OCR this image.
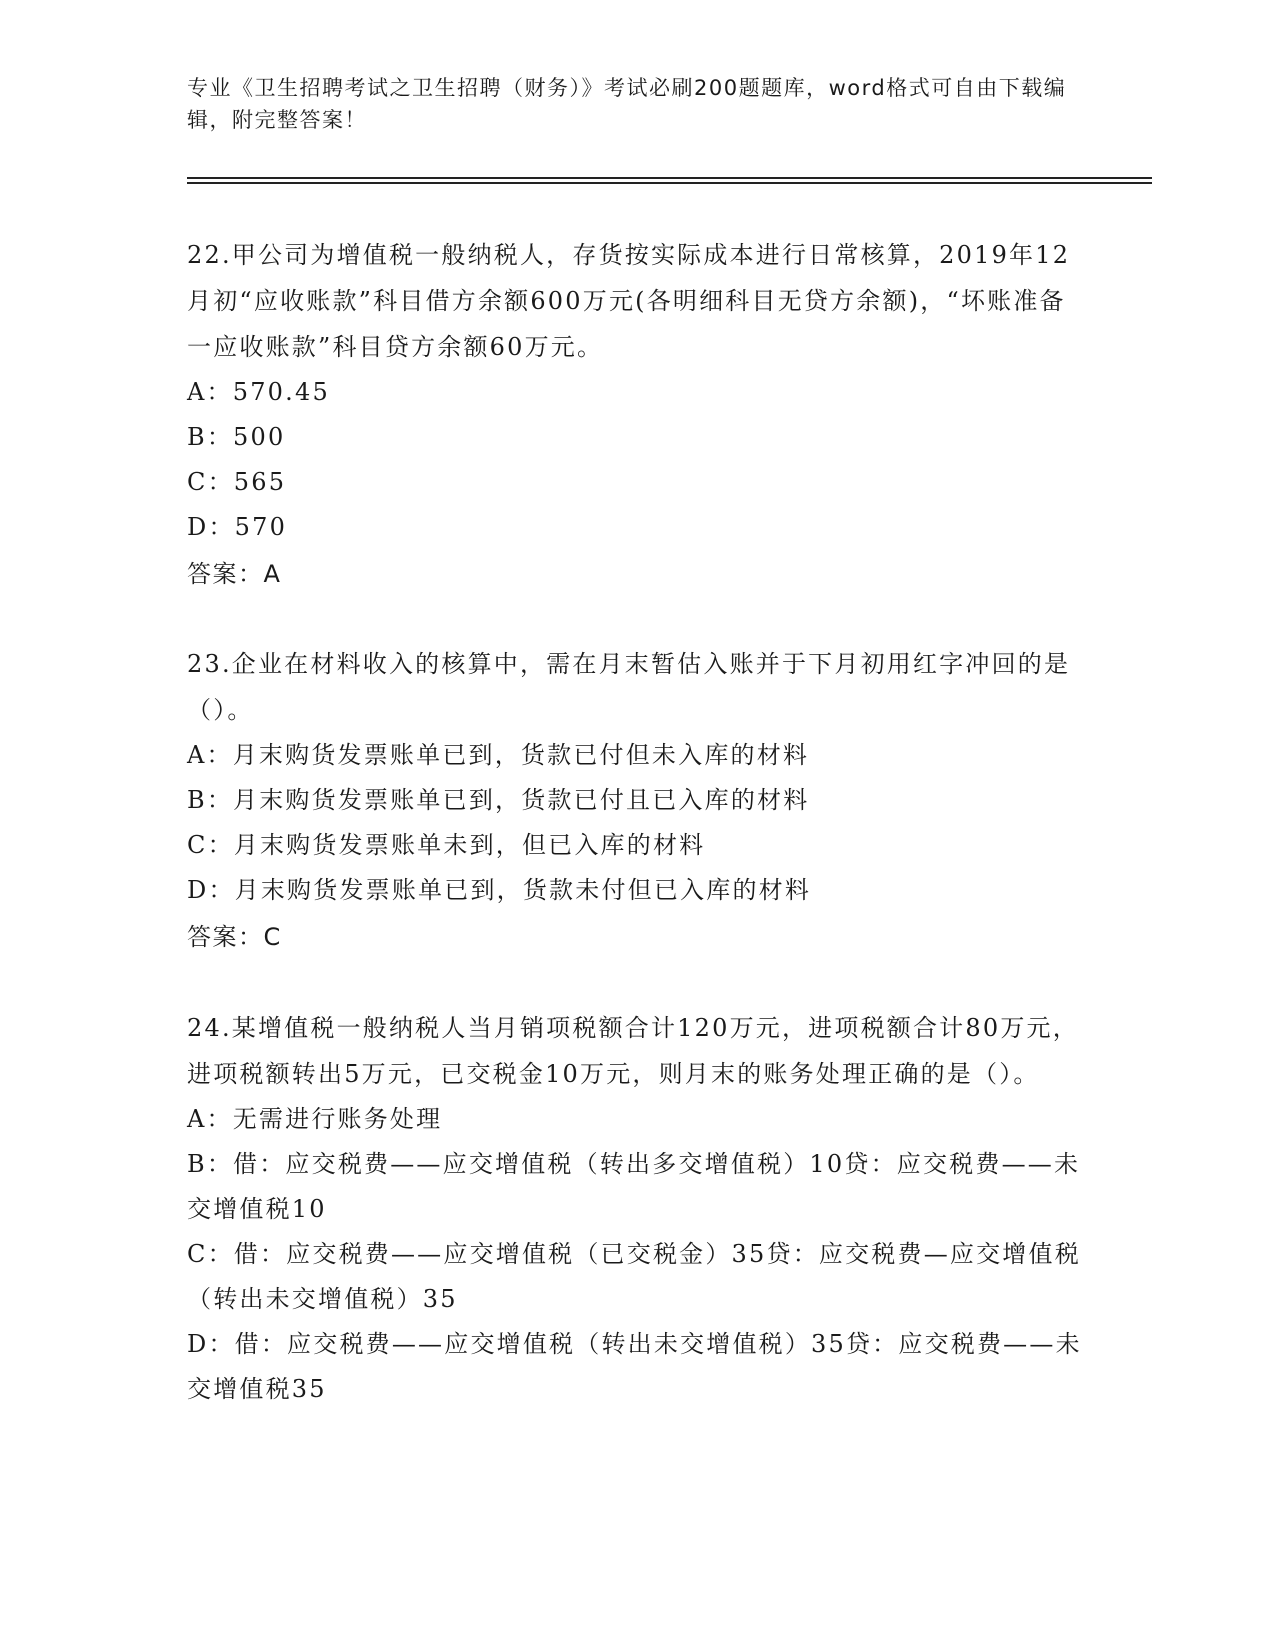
专业《卫生招聘考试之卫生招聘（财务）》考试必刷200题题库，word格式可自由下载编辑，附完整答案！

22.甲公司为增值税一般纳税人，存货按实际成本进行日常核算，2019年12月初“应收账款”科目借方余额600万元(各明细科目无贷方余额)，“坏账准备一应收账款”科目贷方余额60万元。

A：570.45

B：500

C：565

D：570

答案：A

23.企业在材料收入的核算中，需在月末暂估入账并于下月初用红字冲回的是（）。

A：月末购货发票账单已到，货款已付但未入库的材料

B：月末购货发票账单已到，货款已付且已入库的材料

C：月末购货发票账单未到，但已入库的材料

D：月末购货发票账单已到，货款未付但已入库的材料

答案：C

24.某增值税一般纳税人当月销项税额合计120万元，进项税额合计80万元，进项税额转出5万元，已交税金10万元，则月末的账务处理正确的是（）。

A：无需进行账务处理

B：借：应交税费——应交增值税（转出多交增值税）10贷：应交税费——未交增值税10

C：借：应交税费——应交增值税（已交税金）35贷：应交税费—应交增值税（转出未交增值税）35

D：借：应交税费——应交增值税（转出未交增值税）35贷：应交税费——未交增值税35
